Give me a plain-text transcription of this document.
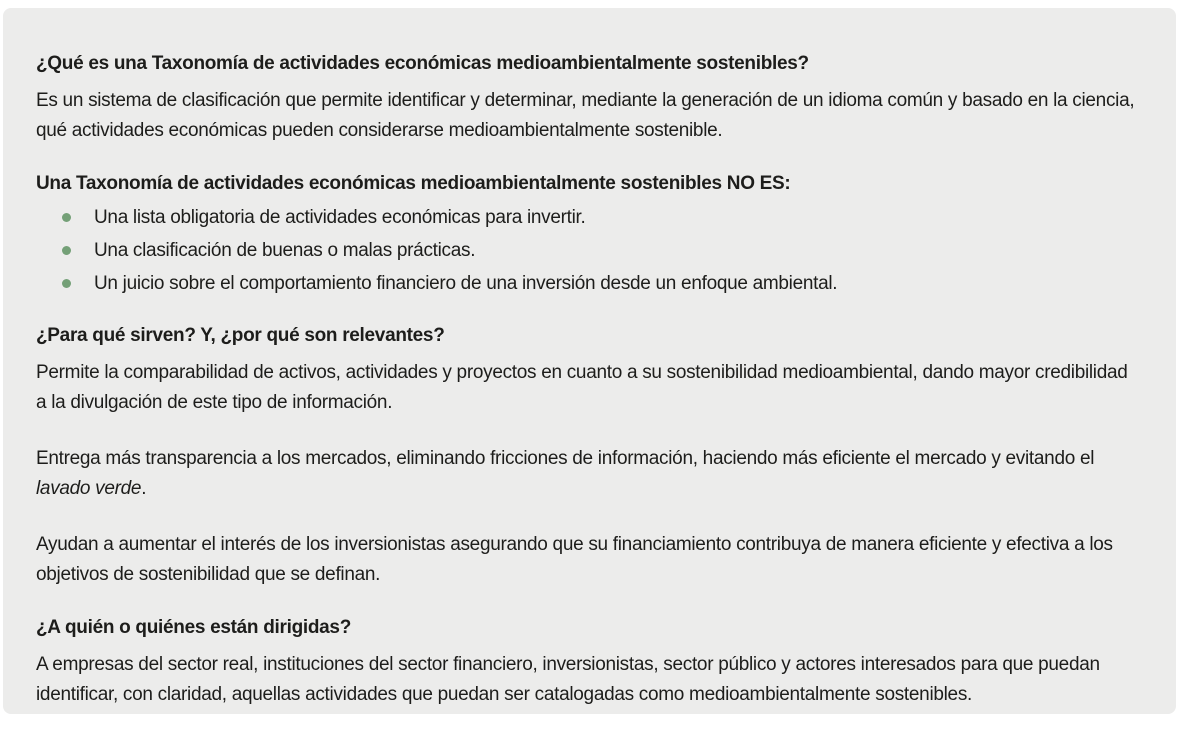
¿Qué es una Taxonomía de actividades económicas medioambientalmente sostenibles?

Es un sistema de clasificación que permite identificar y determinar, mediante la generación de un idioma común y basado en la ciencia, qué actividades económicas pueden considerarse medioambientalmente sostenible.

Una Taxonomía de actividades económicas medioambientalmente sostenibles NO ES:
Una lista obligatoria de actividades económicas para invertir.
Una clasificación de buenas o malas prácticas.
Un juicio sobre el comportamiento financiero de una inversión desde un enfoque ambiental.
¿Para qué sirven? Y, ¿por qué son relevantes?

Permite la comparabilidad de activos, actividades y proyectos en cuanto a su sostenibilidad medioambiental, dando mayor credibilidad a la divulgación de este tipo de información.

Entrega más transparencia a los mercados, eliminando fricciones de información, haciendo más eficiente el mercado y evitando el lavado verde.

Ayudan a aumentar el interés de los inversionistas asegurando que su financiamiento contribuya de manera eficiente y efectiva a los objetivos de sostenibilidad que se definan.

¿A quién o quiénes están dirigidas?

A empresas del sector real, instituciones del sector financiero, inversionistas, sector público y actores interesados para que puedan identificar, con claridad, aquellas actividades que puedan ser catalogadas como medioambientalmente sostenibles.
